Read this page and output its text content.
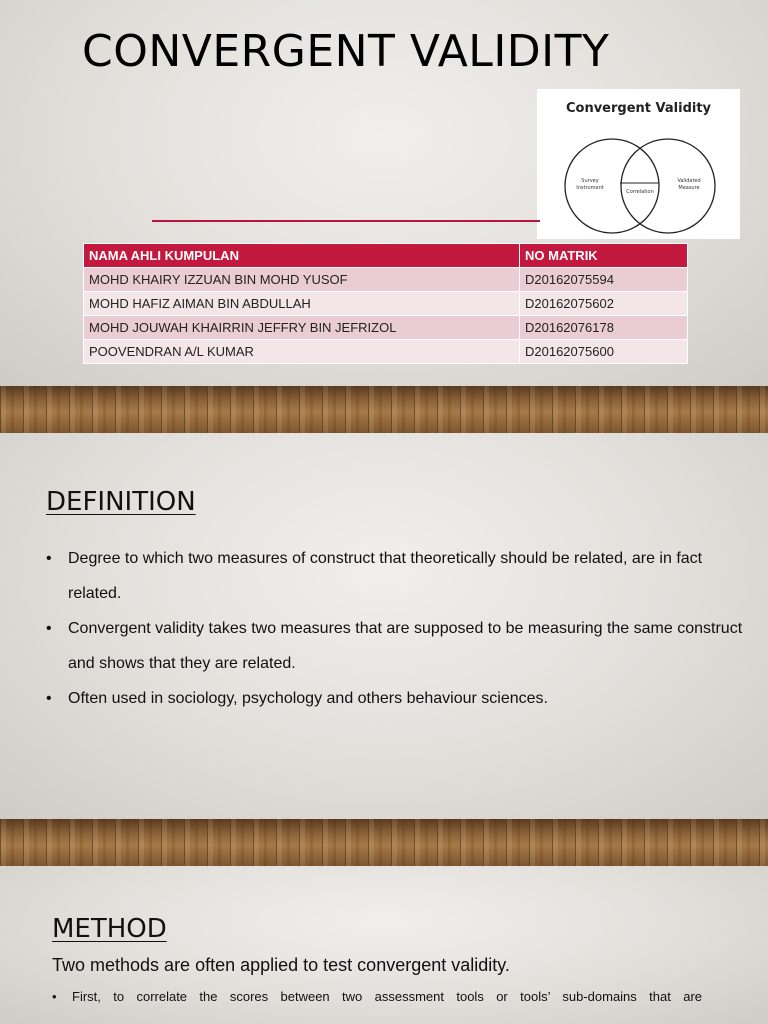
CONVERGENT VALIDITY
Convergent Validity
Survey
Instrument
Validated
Measure
Correlation
NAMA AHLI KUMPULAN	NO MATRIK
MOHD KHAIRY IZZUAN BIN MOHD YUSOF	D20162075594
MOHD HAFIZ AIMAN BIN ABDULLAH	D20162075602
MOHD JOUWAH KHAIRRIN JEFFRY BIN JEFRIZOL	D20162076178
POOVENDRAN A/L KUMAR	D20162075600
DEFINITION
• Degree to which two measures of construct that theoretically should be related, are in fact related.
• Convergent validity takes two measures that are supposed to be measuring the same construct and shows that they are related.
• Often used in sociology, psychology and others behaviour sciences.
METHOD

Two methods are often applied to test convergent validity.

• First, to correlate the scores between two assessment tools or tools’ sub-domains that are
